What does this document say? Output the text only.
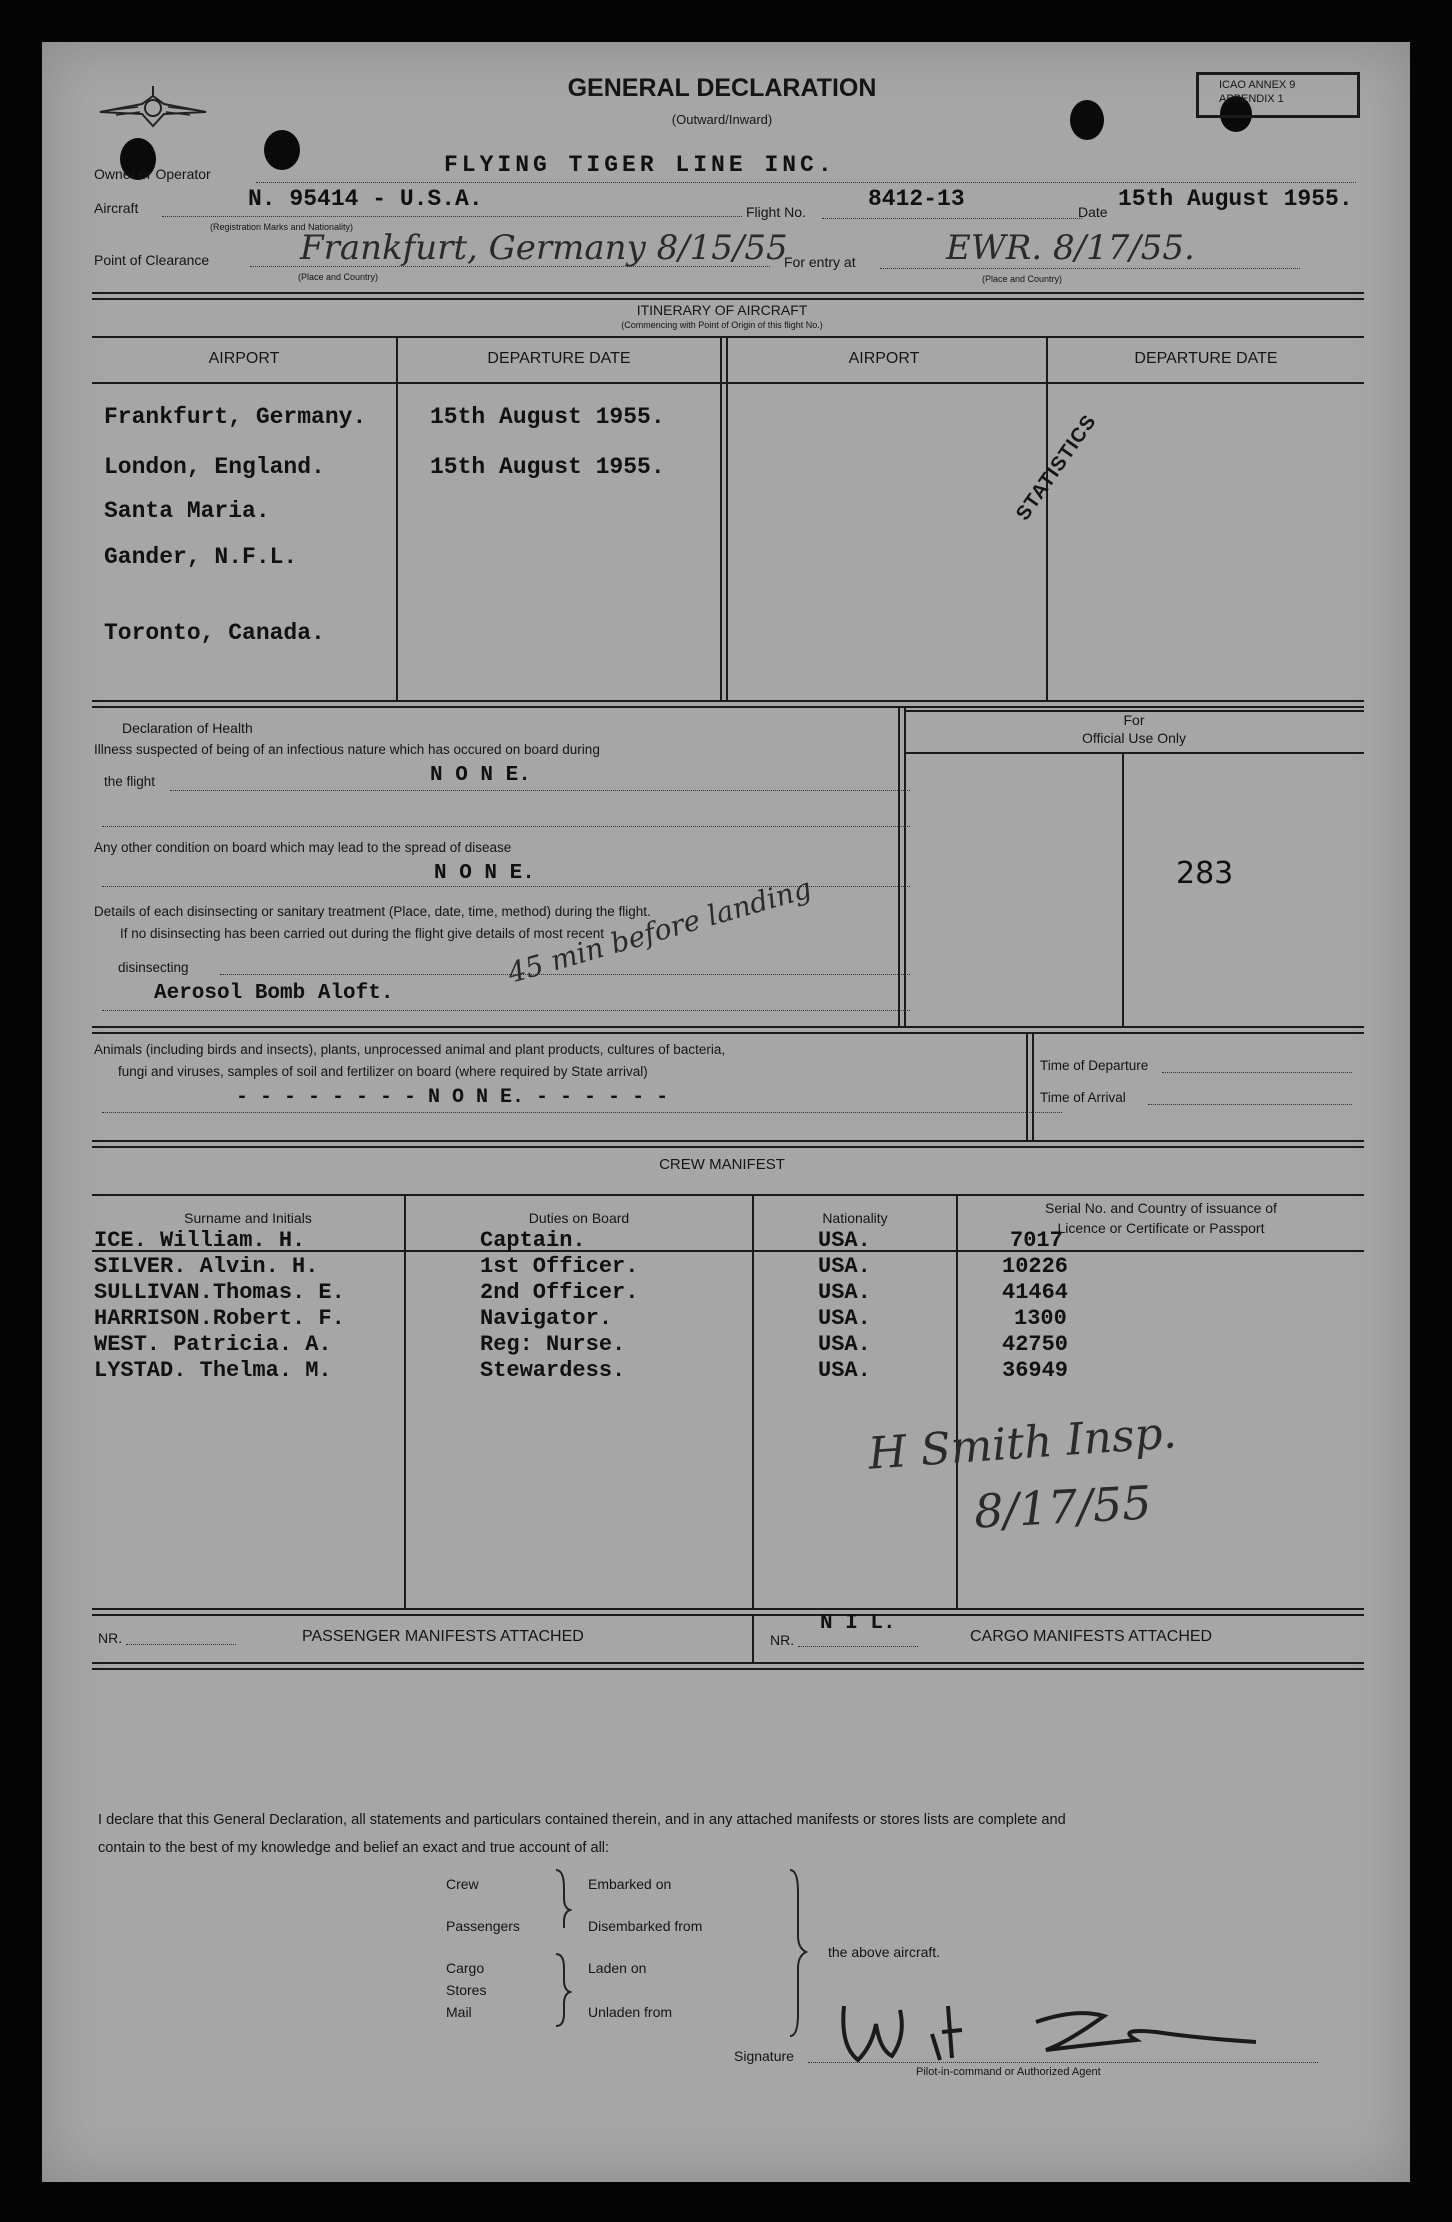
GENERAL DECLARATION
(Outward/Inward)
ICAO ANNEX 9
APPENDIX 1
Owner or Operator	FLYING TIGER LINE INC.
Aircraft	N. 95414 - U.S.A.
(Registration Marks and Nationality)
Flight No.	8412-13	Date 15th August 1955.
Point of Clearance	Frankfurt, Germany 8/15/55
(Place and Country)
For entry at	EWR. 8/17/55.
(Place and Country)
ITINERARY OF AIRCRAFT
(Commencing with Point of Origin of this flight No.)
AIRPORT	DEPARTURE DATE	AIRPORT	DEPARTURE DATE
Frankfurt, Germany.	15th August 1955.
London, England.	15th August 1955.
Santa Maria.
Gander, N.F.L.
Toronto, Canada.
STATISTICS
Declaration of Health
Illness suspected of being of an infectious nature which has occured on board during
the flight	N O N E.
Any other condition on board which may lead to the spread of disease
N O N E.
Details of each disinsecting or sanitary treatment (Place, date, time, method) during the flight.
If no disinsecting has been carried out during the flight give details of most recent
disinsecting
Aerosol Bomb Aloft.
45 min before landing
For
Official Use Only
283
Animals (including birds and insects), plants, unprocessed animal and plant products, cultures of bacteria,
fungi and viruses, samples of soil and fertilizer on board (where required by State arrival)
- - - - - - - - N O N E. - - - - - -
Time of Departure
Time of Arrival
CREW MANIFEST
Surname and Initials	Duties on Board	Nationality
Serial No. and Country of issuance of
Licence or Certificate or Passport
ICE. William. H.	Captain.	USA.	7017
SILVER. Alvin. H.	1st Officer.	USA.	10226
SULLIVAN.Thomas. E.	2nd Officer.	USA.	41464
HARRISON.Robert. F.	Navigator.	USA.	1300
WEST. Patricia. A.	Reg: Nurse.	USA.	42750
LYSTAD. Thelma. M.	Stewardess.	USA.	36949
H Smith Insp.
8/17/55
NR.	PASSENGER MANIFESTS ATTACHED	NR.
N I L.
CARGO MANIFESTS ATTACHED
I declare that this General Declaration, all statements and particulars contained therein, and in any attached manifests or stores lists are complete and
contain to the best of my knowledge and belief an exact and true account of all:
Crew
Passengers
Cargo
Stores
Mail
Embarked on
Disembarked from
Laden on
Unladen from
the above aircraft.
Signature
Pilot-in-command or Authorized Agent
